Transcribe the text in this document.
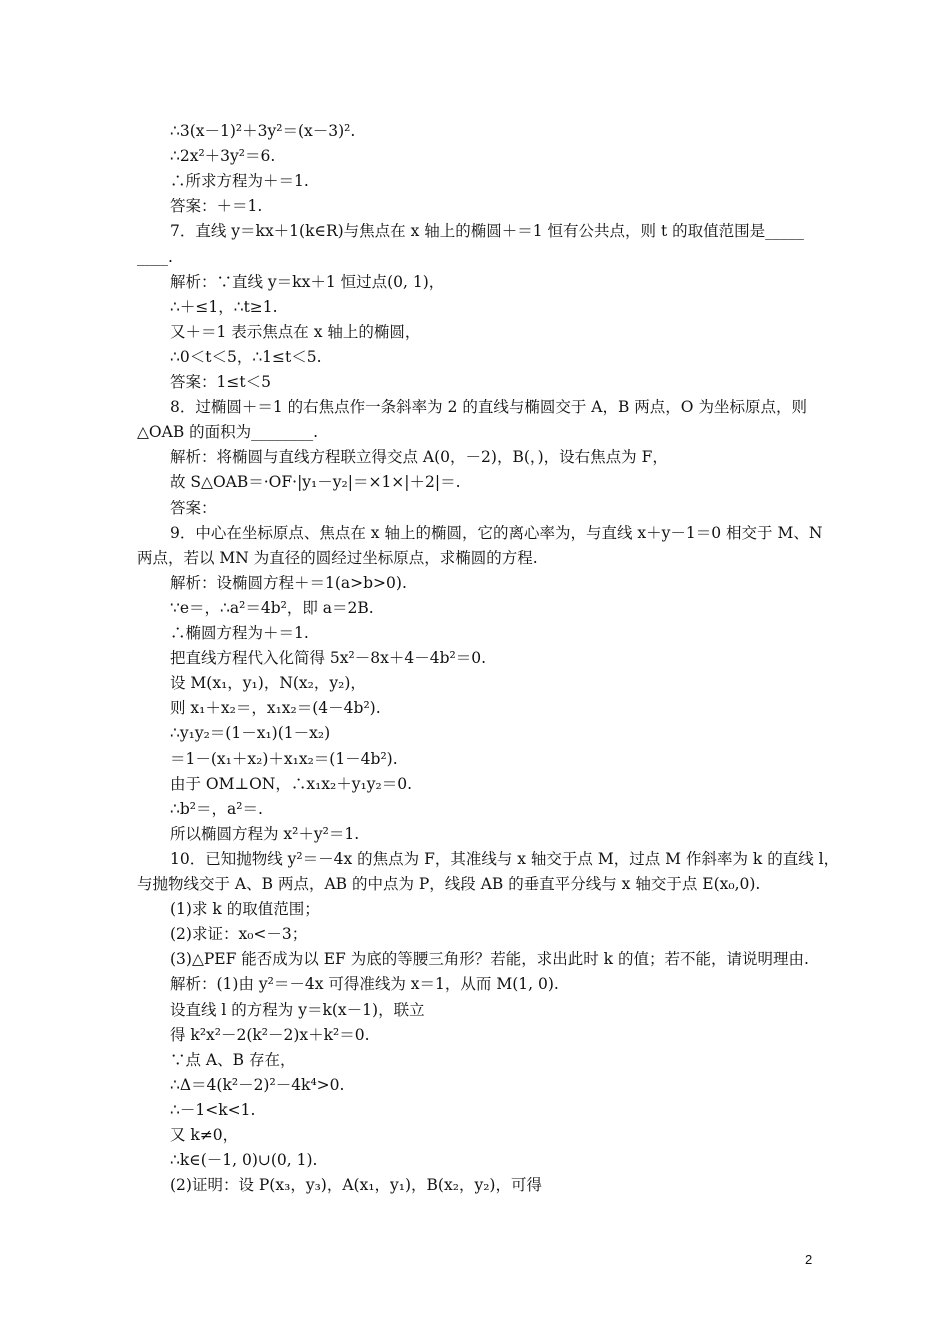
∴3(x－1)²＋3y²＝(x－3)².
∴2x²＋3y²＝6.
∴所求方程为＋＝1.
答案：＋＝1.
7．直线 y＝kx＋1(k∈R)与焦点在 x 轴上的椭圆＋＝1 恒有公共点，则 t 的取值范围是_____
____.
解析：∵直线 y＝kx＋1 恒过点(0, 1)，
∴＋≤1，∴t≥1.
又＋＝1 表示焦点在 x 轴上的椭圆，
∴0＜t＜5，∴1≤t＜5.
答案：1≤t＜5
8．过椭圆＋＝1 的右焦点作一条斜率为 2 的直线与椭圆交于 A，B 两点，O 为坐标原点，则
△OAB 的面积为________.
解析：将椭圆与直线方程联立得交点 A(0，－2)，B(，)，设右焦点为 F，
故 S△OAB＝·OF·|y₁－y₂|＝×1×|＋2|＝.
答案：
9．中心在坐标原点、焦点在 x 轴上的椭圆，它的离心率为，与直线 x＋y－1＝0 相交于 M、N
两点，若以 MN 为直径的圆经过坐标原点，求椭圆的方程.
解析：设椭圆方程＋＝1(a>b>0).
∵e＝，∴a²＝4b²，即 a＝2B.
∴椭圆方程为＋＝1.
把直线方程代入化简得 5x²－8x＋4－4b²＝0.
设 M(x₁，y₁)，N(x₂，y₂)，
则 x₁＋x₂＝，x₁x₂＝(4－4b²).
∴y₁y₂＝(1－x₁)(1－x₂)
＝1－(x₁＋x₂)＋x₁x₂＝(1－4b²).
由于 OM⊥ON，∴x₁x₂＋y₁y₂＝0.
∴b²＝，a²＝.
所以椭圆方程为 x²＋y²＝1.
10．已知抛物线 y²＝－4x 的焦点为 F，其准线与 x 轴交于点 M，过点 M 作斜率为 k 的直线 l，
与抛物线交于 A、B 两点，AB 的中点为 P，线段 AB 的垂直平分线与 x 轴交于点 E(x₀,0).
(1)求 k 的取值范围；
(2)求证：x₀<－3；
(3)△PEF 能否成为以 EF 为底的等腰三角形？若能，求出此时 k 的值；若不能，请说明理由.
解析：(1)由 y²＝－4x 可得准线为 x＝1，从而 M(1, 0).
设直线 l 的方程为 y＝k(x－1)，联立
得 k²x²－2(k²－2)x＋k²＝0.
∵点 A、B 存在，
∴Δ＝4(k²－2)²－4k⁴>0.
∴－1<k<1.
又 k≠0，
∴k∈(－1, 0)∪(0, 1).
(2)证明：设 P(x₃，y₃)，A(x₁，y₁)，B(x₂，y₂)，可得
2
